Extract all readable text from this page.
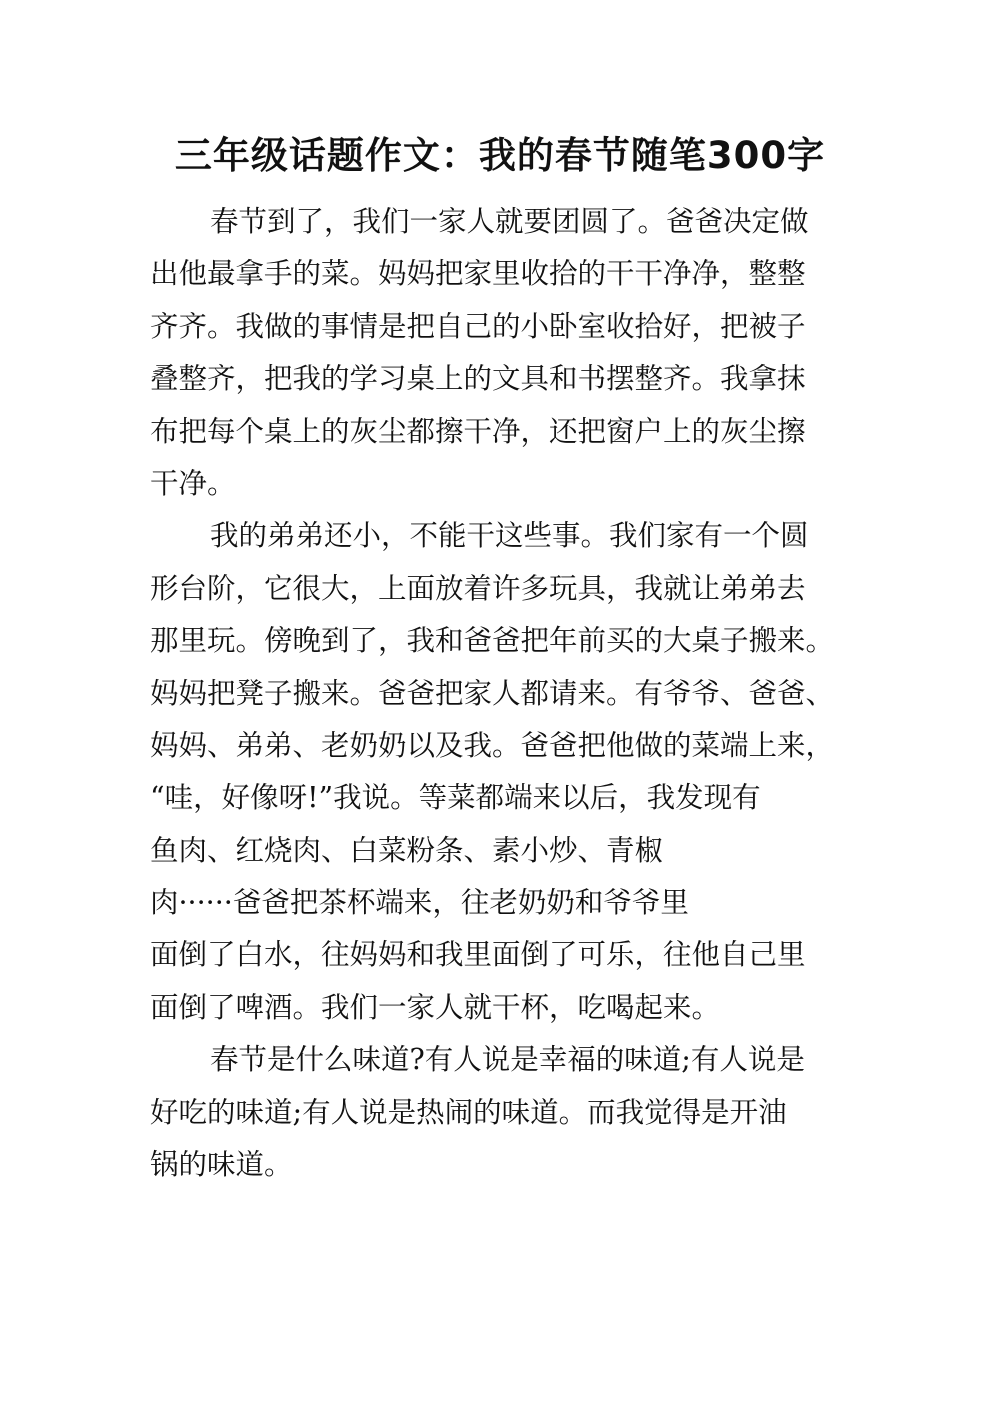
三年级话题作文：我的春节随笔300字
春节到了，我们一家人就要团圆了。爸爸决定做
出他最拿手的菜。妈妈把家里收拾的干干净净，整整
齐齐。我做的事情是把自己的小卧室收拾好，把被子
叠整齐，把我的学习桌上的文具和书摆整齐。我拿抹
布把每个桌上的灰尘都擦干净，还把窗户上的灰尘擦
干净。
我的弟弟还小，不能干这些事。我们家有一个圆
形台阶，它很大，上面放着许多玩具，我就让弟弟去
那里玩。傍晚到了，我和爸爸把年前买的大桌子搬来。
妈妈把凳子搬来。爸爸把家人都请来。有爷爷、爸爸、
妈妈、弟弟、老奶奶以及我。爸爸把他做的菜端上来，
“哇，好像呀!”我说。等菜都端来以后，我发现有
鱼肉、红烧肉、白菜粉条、素小炒、青椒
肉······爸爸把茶杯端来，往老奶奶和爷爷里
面倒了白水，往妈妈和我里面倒了可乐，往他自己里
面倒了啤酒。我们一家人就干杯，吃喝起来。
春节是什么味道?有人说是幸福的味道;有人说是
好吃的味道;有人说是热闹的味道。而我觉得是开油
锅的味道。
